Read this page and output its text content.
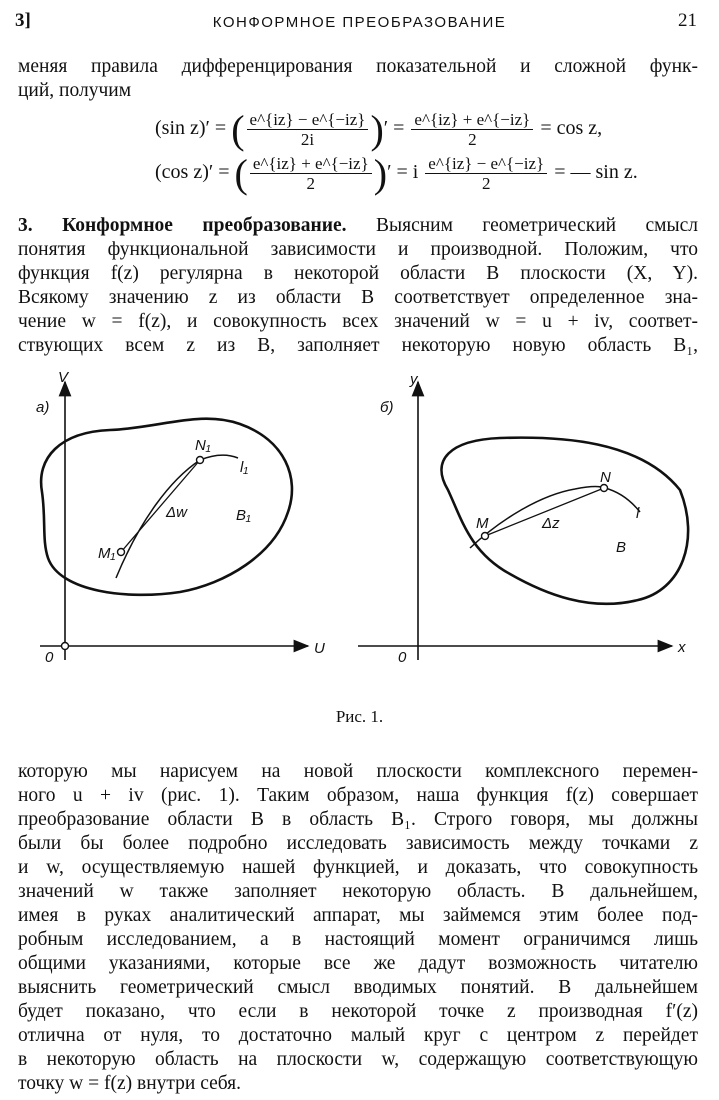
3]	КОНФОРМНОЕ ПРЕОБРАЗОВАНИЕ	21
меняя правила дифференцирования показательной и сложной функ-
ций, получим
(sin z)′ = ( $\frac{e\^{}\{iz\} - e\^{}\{-iz\}}{2i}$ )′ = $\frac{e\^{}\{iz\} + e\^{}\{-iz\}}{2} = \cos z$,
(cos z)′ = ( $\frac{e\^{}\{iz\} + e\^{}\{-iz\}}{2}$ )′ = i $\frac{e\^{}\{iz\} - e\^{}\{-iz\}}{2}$ = — sin z.
3. Конформное преобразование. Выясним геометрический смысл
понятия функциональной зависимости и производной. Положим, что
функция f(z) регулярна в некоторой области B плоскости (X, Y).
Всякому значению z из области B соответствует определенное зна-
чение w = f(z), и совокупность всех значений w = u + iv, соответ-
ствующих всем z из B, заполняет некоторую новую область B₁,
V
U
0
а)
M₁
N₁
l₁
Δw	B₁
y
x
0
б)
M
N
l
Δz
B
Рис. 1.
которую мы нарисуем на новой плоскости комплексного перемен-
ного u + iv (рис. 1). Таким образом, наша функция f(z) совершает
преобразование области B в область B₁. Строго говоря, мы должны
были бы более подробно исследовать зависимость между точками z
и w, осуществляемую нашей функцией, и доказать, что совокупность
значений w также заполняет некоторую область. В дальнейшем,
имея в руках аналитический аппарат, мы займемся этим более под-
робным исследованием, а в настоящий момент ограничимся лишь
общими указаниями, которые все же дадут возможность читателю
выяснить геометрический смысл вводимых понятий. В дальнейшем
будет показано, что если в некоторой точке z производная f′(z)
отлична от нуля, то достаточно малый круг с центром z перейдет
в некоторую область на плоскости w, содержащую соответствующую
точку w = f(z) внутри себя.
